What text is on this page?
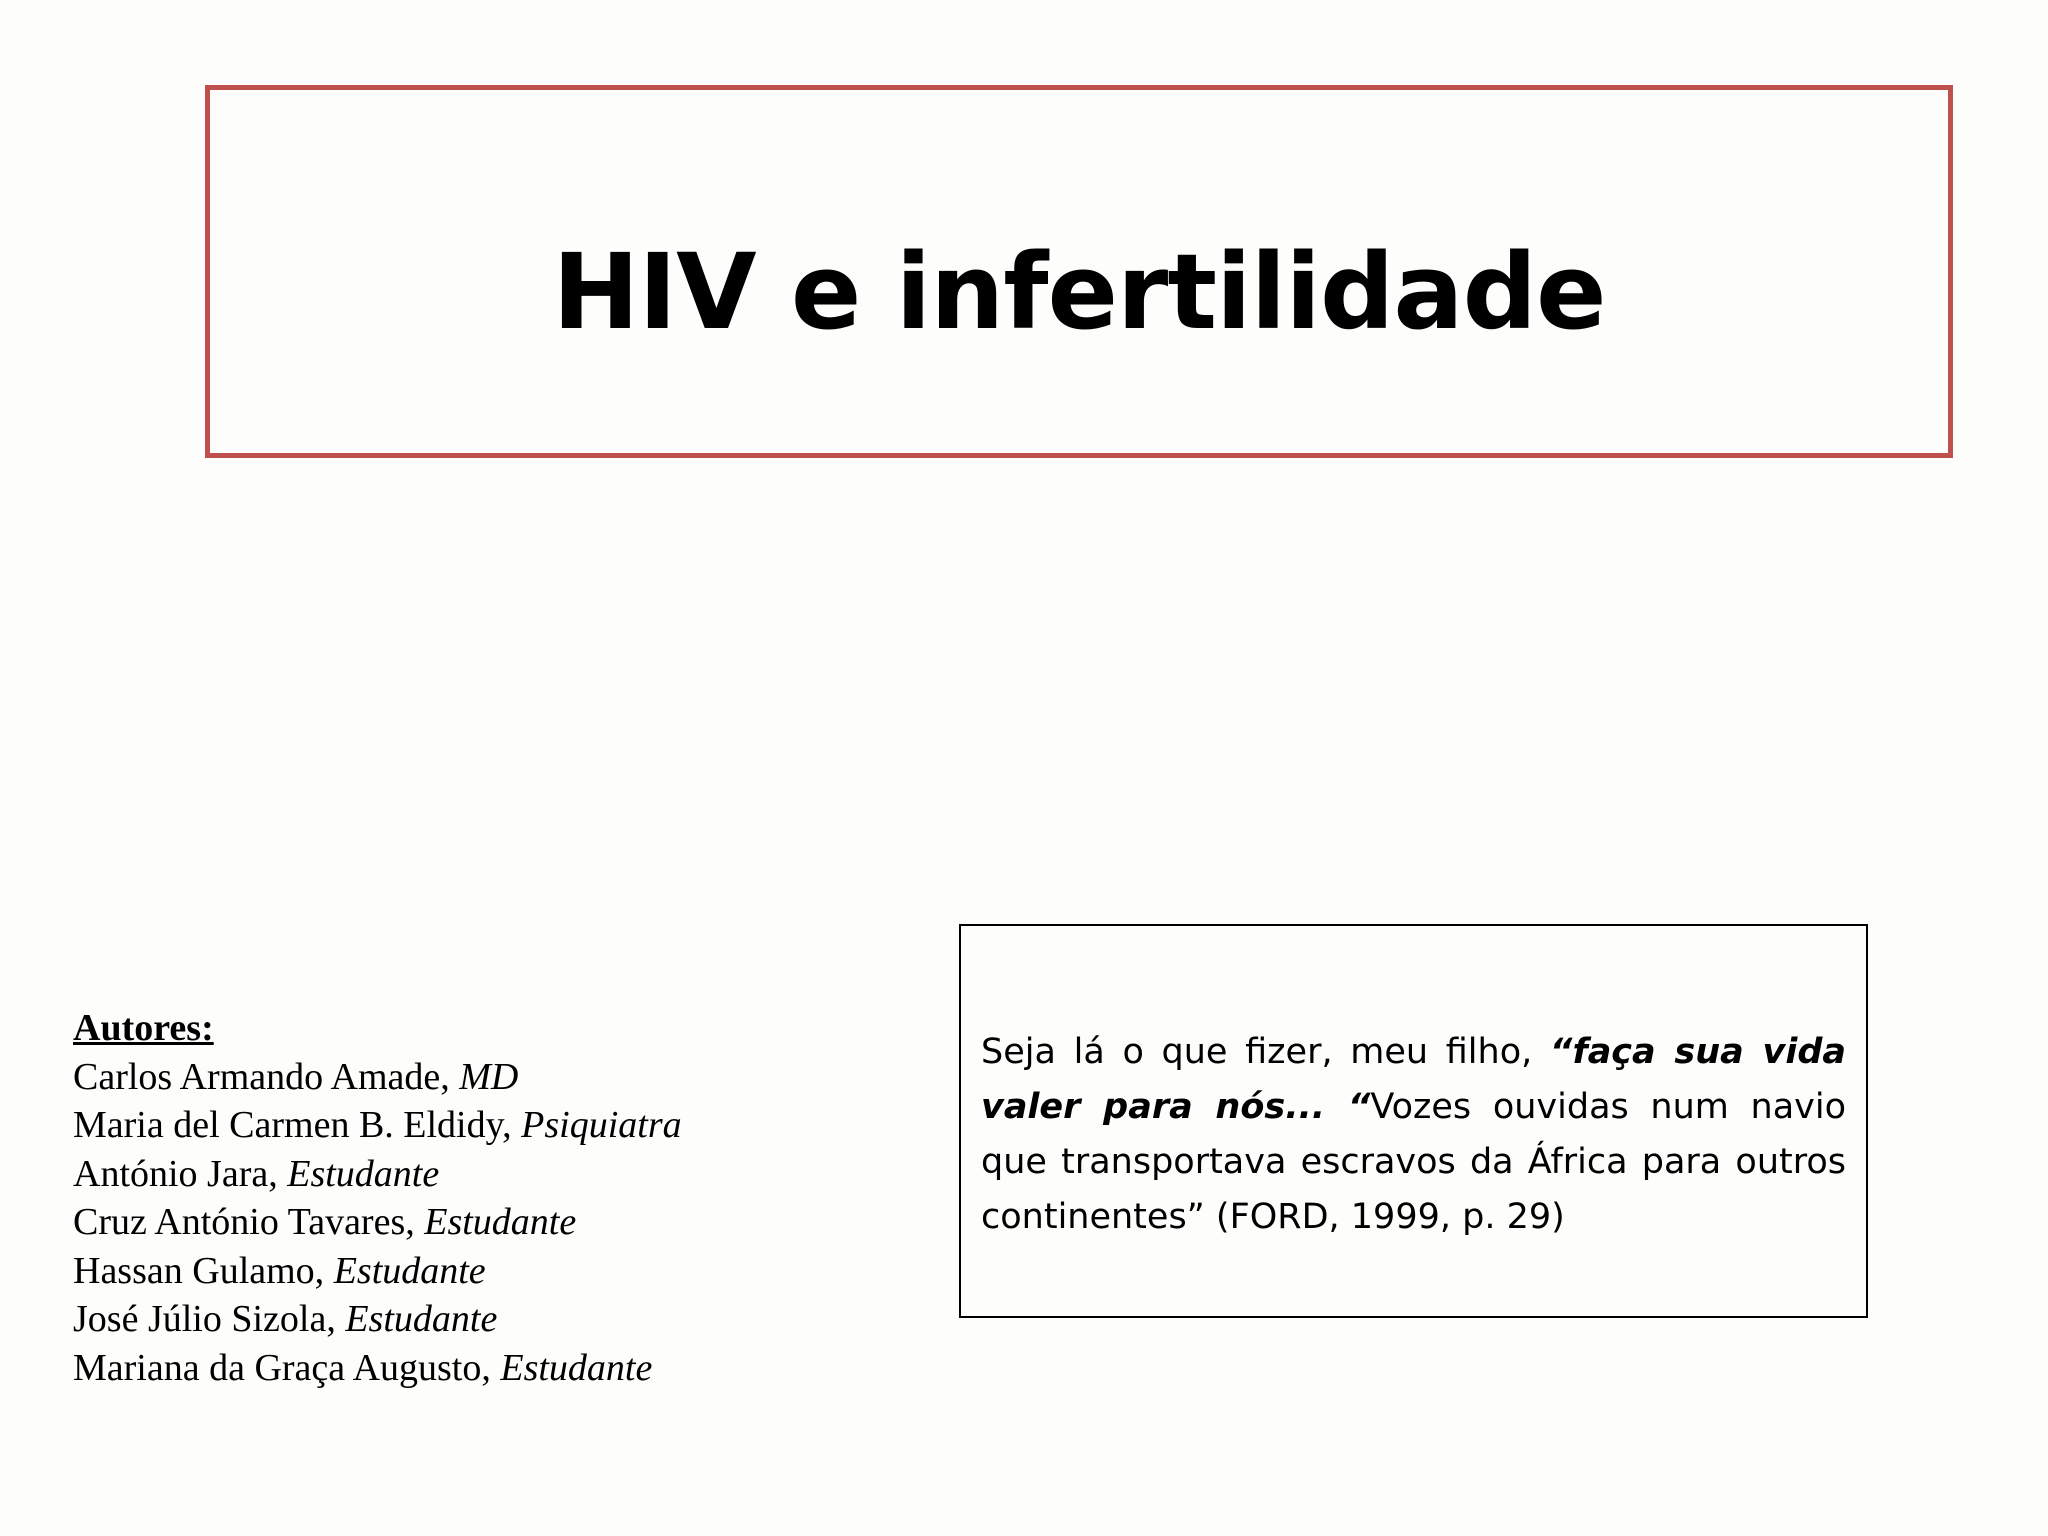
HIV e infertilidade
Autores:
Carlos Armando Amade, MD
Maria del Carmen B. Eldidy, Psiquiatra
António Jara, Estudante
Cruz António Tavares, Estudante
Hassan Gulamo, Estudante
José Júlio Sizola, Estudante
Mariana da Graça Augusto, Estudante

Seja lá o que fizer, meu filho, “faça sua vida valer para nós... “Vozes ouvidas num navio que transportava escravos da África para outros continentes” (FORD, 1999, p. 29)
